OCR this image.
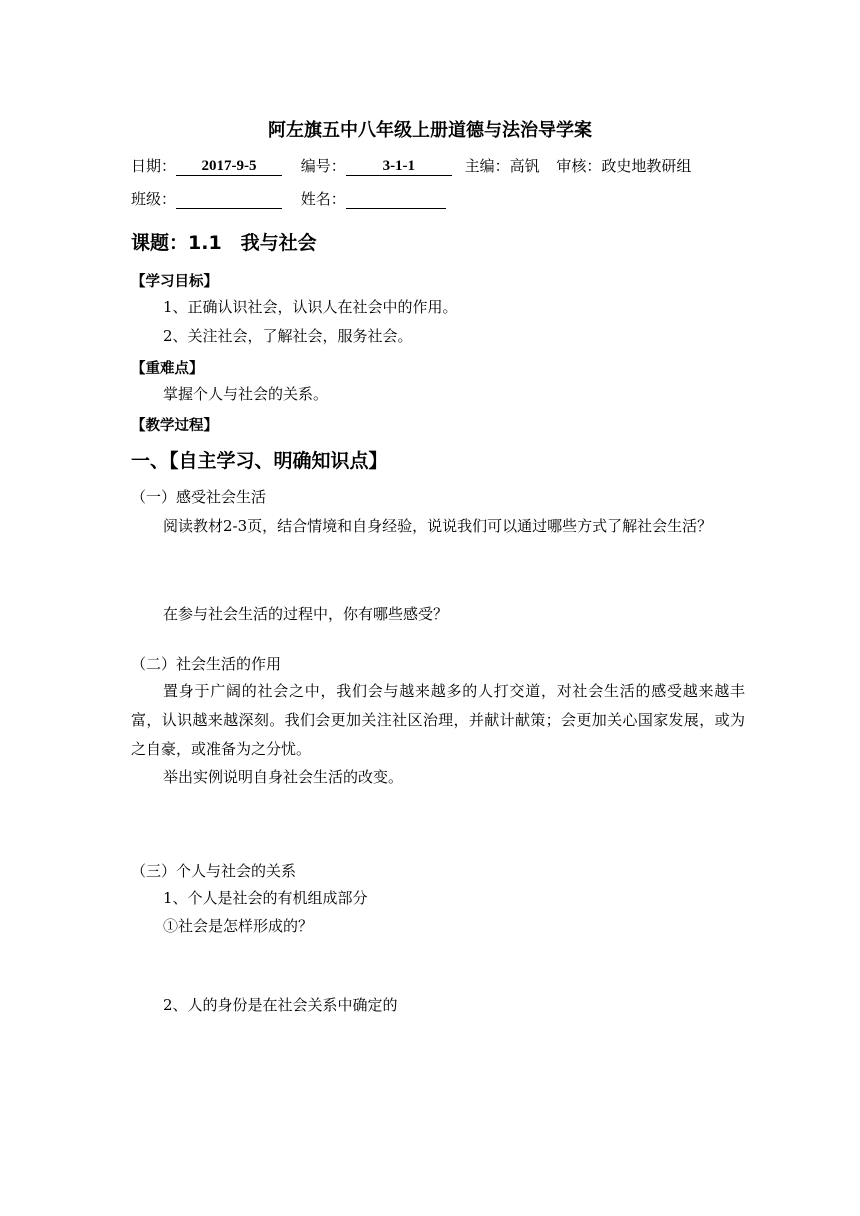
阿左旗五中八年级上册道德与法治导学案
日期： 2017-9-5	编号： 3-1-1	主编：高钒 审核：政史地教研组
班级：	姓名：
课题：1.1　我与社会
【学习目标】
1、正确认识社会，认识人在社会中的作用。
2、关注社会，了解社会，服务社会。
【重难点】
掌握个人与社会的关系。
【教学过程】
一、【自主学习、明确知识点】
（一）感受社会生活
阅读教材2-3页，结合情境和自身经验，说说我们可以通过哪些方式了解社会生活？
在参与社会生活的过程中，你有哪些感受？
（二）社会生活的作用
置身于广阔的社会之中，我们会与越来越多的人打交道，对社会生活的感受越来越丰富，认识越来越深刻。我们会更加关注社区治理，并献计献策；会更加关心国家发展，或为之自豪，或准备为之分忧。
举出实例说明自身社会生活的改变。
（三）个人与社会的关系
1、个人是社会的有机组成部分
①社会是怎样形成的？
2、人的身份是在社会关系中确定的
